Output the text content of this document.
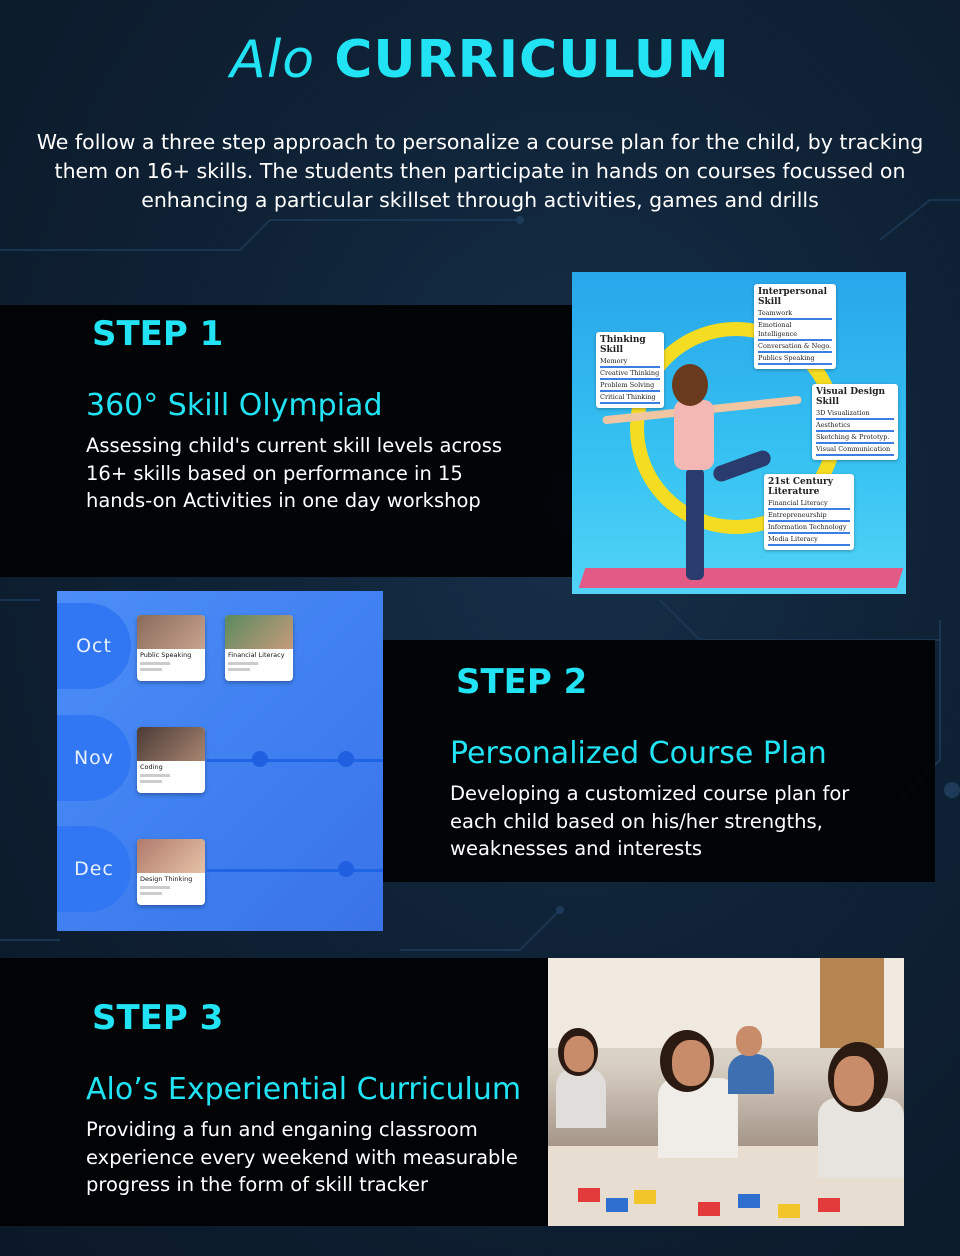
Alo CURRICULUM
We follow a three step approach to personalize a course plan for the child, by tracking them on 16+ skills. The students then participate in hands on courses focussed on enhancing a particular skillset through activities, games and drills
STEP 1
360° Skill Olympiad
Assessing child's current skill levels across 16+ skills based on performance in 15 hands-on Activities in one day workshop
Interpersonal Skill
Teamwork
Emotional Intelligence
Conversation & Nego.
Publics Speaking
Thinking Skill
Memory
Creative Thinking
Problem Solving
Critical Thinking	Visual Design Skill
3D Visualization
Aesthetics
Sketching & Prototyp.
Visual Communication
21st Century Literature
Financial Literacy
Entrepreneurship
Information Technology
Media Literacy
STEP 2
Personalized Course Plan
Developing a customized course plan for each child based on his/her strengths, weaknesses and interests
Oct
Nov
Dec
Public Speaking	Financial Literacy
Coding
Design Thinking
STEP 3
Alo’s Experiential Curriculum
Providing a fun and enganing classroom experience every weekend with measurable progress in the form of skill tracker
